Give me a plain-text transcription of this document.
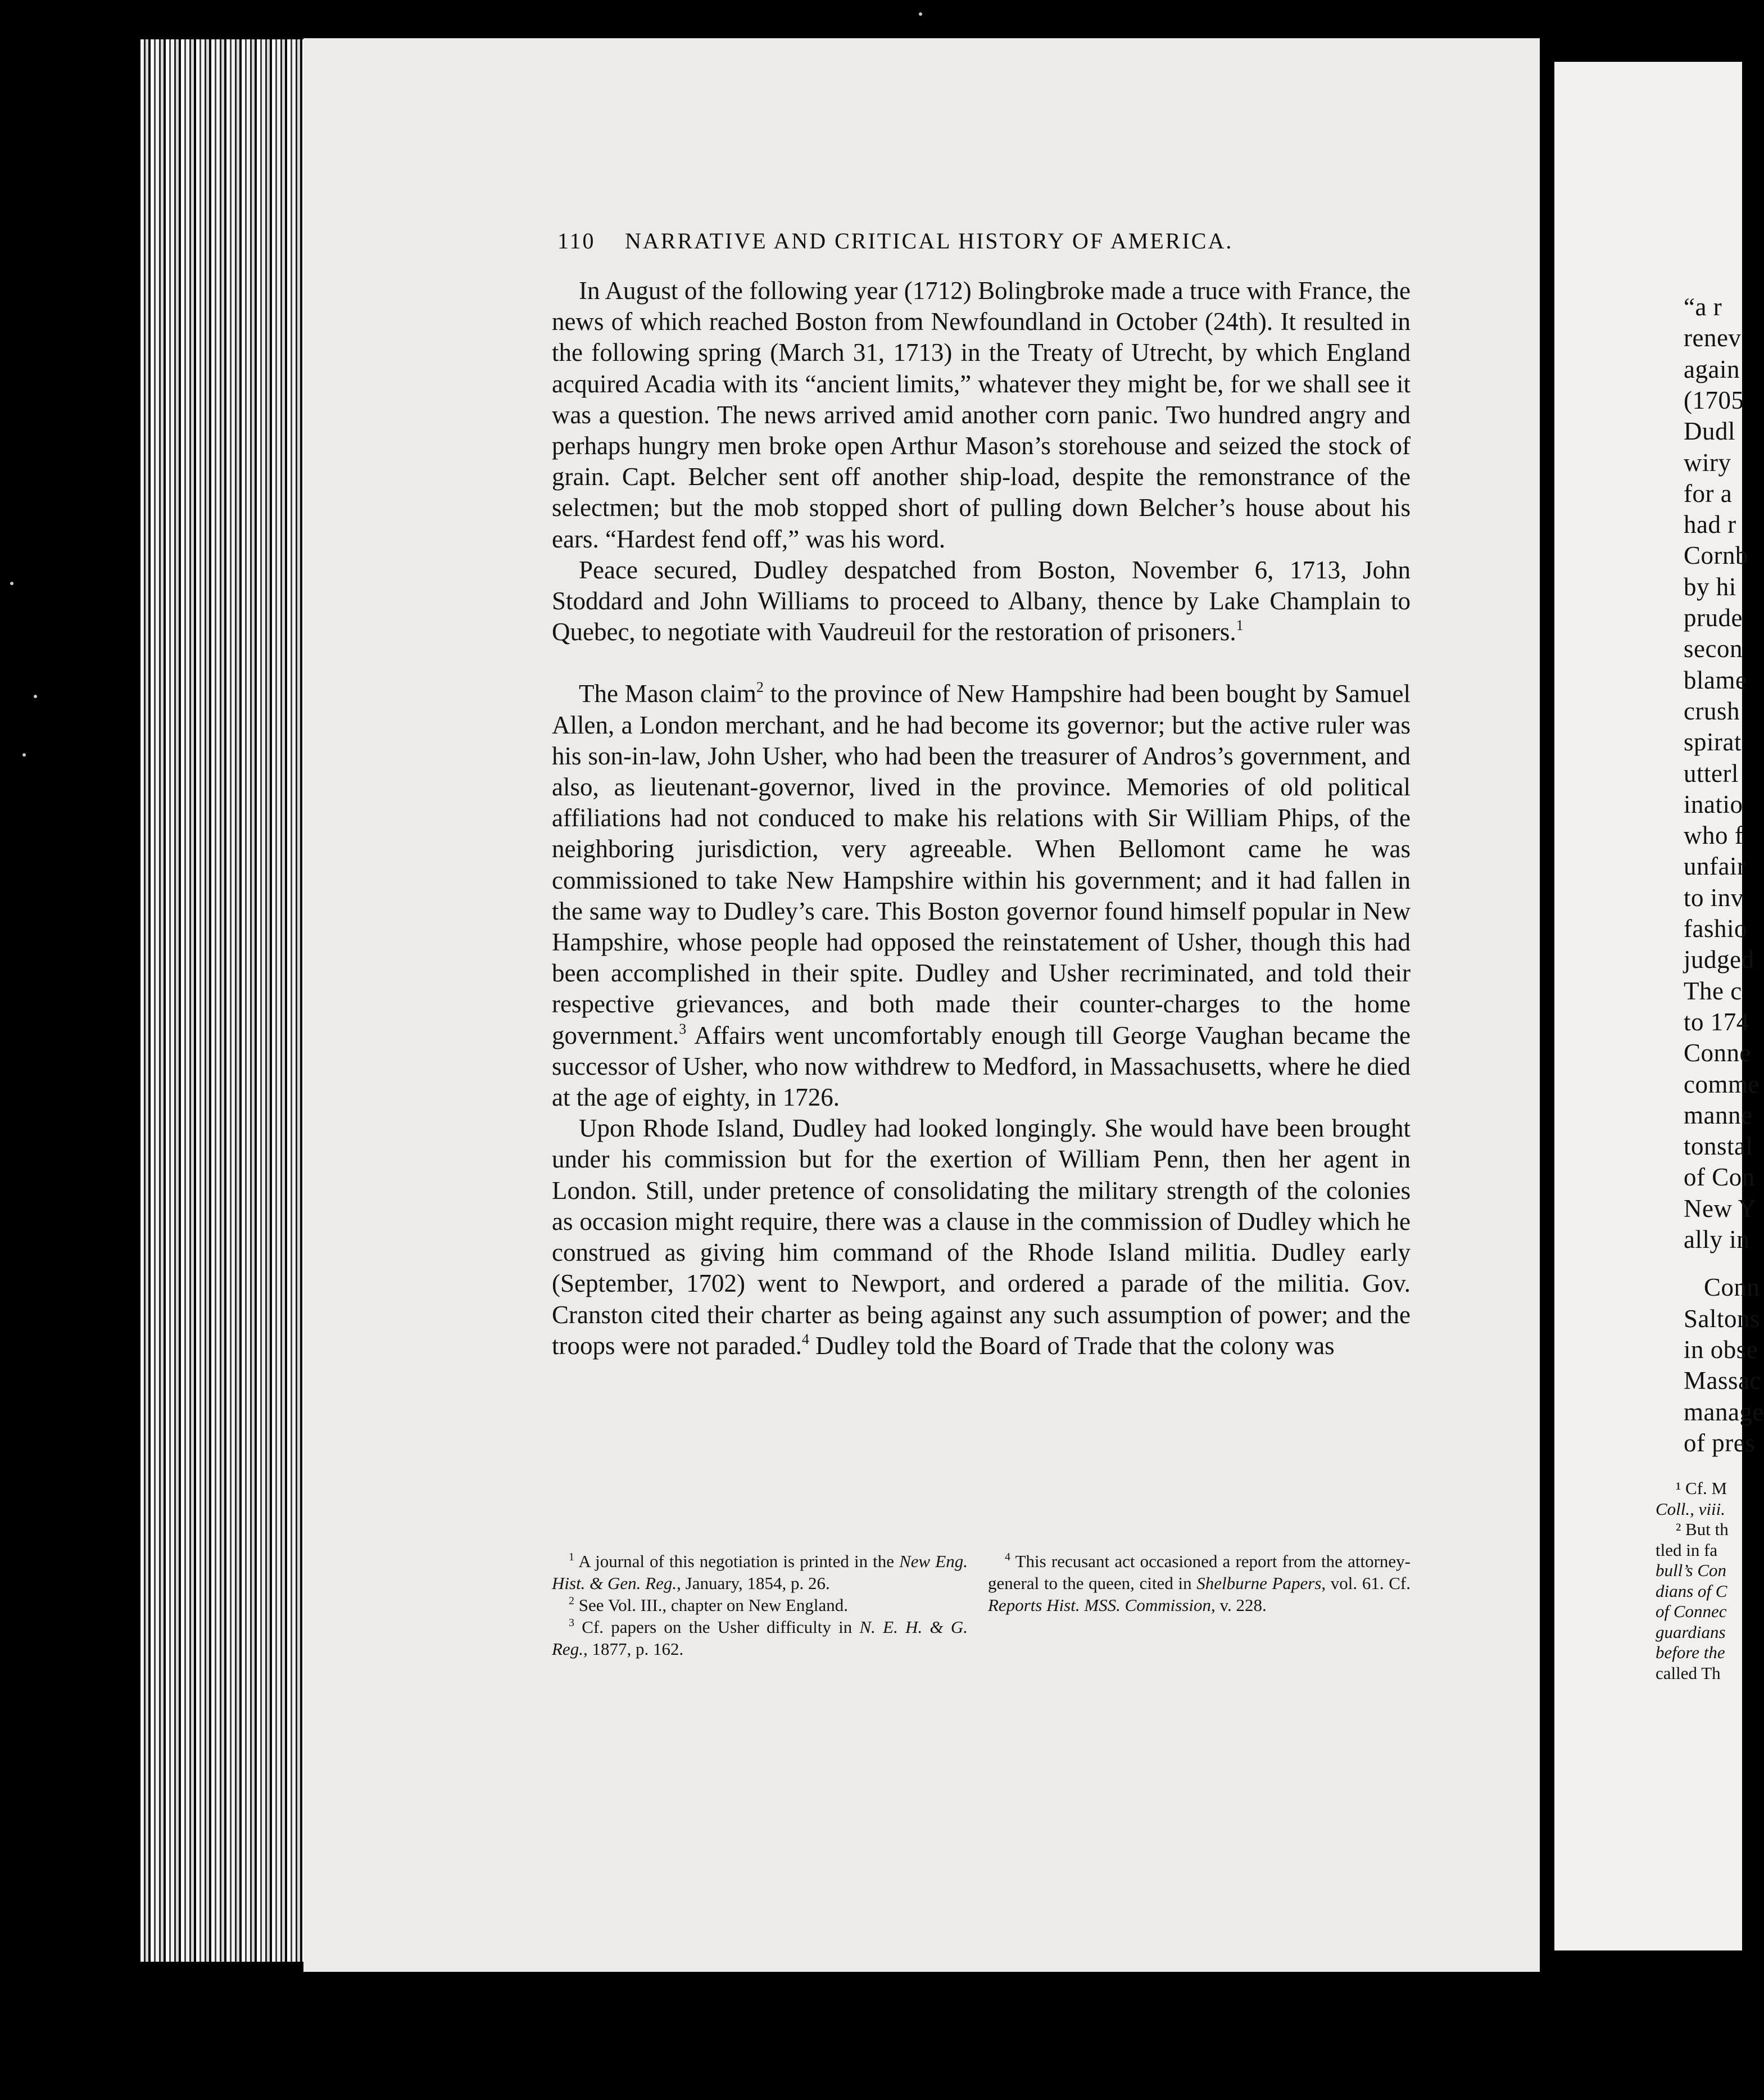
“a r
renev
again
(1705
Dudl
wiry
for a
had r
Cornb
by hi
prude
secon
blame
crush
spirat
utterl
inatio
who f
unfair
to inv
fashio
judged
The c
to 174
Conne
comme
manne
tonstal
of Con
New Y
ally in
Conn
Saltons
in obse
Massac
manage
of pres
¹ Cf. M
Coll., viii.
² But th
tled in fa
bull’s Con
dians of C
of Connec
guardians
before the
called Th
110 NARRATIVE AND CRITICAL HISTORY OF AMERICA.

In August of the following year (1712) Bolingbroke made a truce with France, the news of which reached Boston from Newfoundland in October (24th). It resulted in the following spring (March 31, 1713) in the Treaty of Utrecht, by which England acquired Acadia with its “ancient limits,” whatever they might be, for we shall see it was a question. The news arrived amid another corn panic. Two hundred angry and perhaps hungry men broke open Arthur Mason’s storehouse and seized the stock of grain. Capt. Belcher sent off another ship-load, despite the remonstrance of the selectmen; but the mob stopped short of pulling down Belcher’s house about his ears. “Hardest fend off,” was his word.

Peace secured, Dudley despatched from Boston, November 6, 1713, John Stoddard and John Williams to proceed to Albany, thence by Lake Champlain to Quebec, to negotiate with Vaudreuil for the restoration of prisoners.$^1$

The Mason claim$^2$ to the province of New Hampshire had been bought by Samuel Allen, a London merchant, and he had become its governor; but the active ruler was his son-in-law, John Usher, who had been the treasurer of Andros’s government, and also, as lieutenant-governor, lived in the province. Memories of old political affiliations had not conduced to make his relations with Sir William Phips, of the neighboring jurisdiction, very agreeable. When Bellomont came he was commissioned to take New Hampshire within his government; and it had fallen in the same way to Dudley’s care. This Boston governor found himself popular in New Hampshire, whose people had opposed the reinstatement of Usher, though this had been accomplished in their spite. Dudley and Usher recriminated, and told their respective grievances, and both made their counter-charges to the home government.$^3$ Affairs went uncomfortably enough till George Vaughan became the successor of Usher, who now withdrew to Medford, in Massachusetts, where he died at the age of eighty, in 1726.

Upon Rhode Island, Dudley had looked longingly. She would have been brought under his commission but for the exertion of William Penn, then her agent in London. Still, under pretence of consolidating the military strength of the colonies as occasion might require, there was a clause in the commission of Dudley which he construed as giving him command of the Rhode Island militia. Dudley early (September, 1702) went to Newport, and ordered a parade of the militia. Gov. Cranston cited their charter as being against any such assumption of power; and the troops were not paraded.$^4$ Dudley told the Board of Trade that the colony was

$^1$ A journal of this negotiation is printed in the New Eng. Hist. & Gen. Reg., January, 1854, p. 26.

$^2$ See Vol. III., chapter on New England.

$^3$ Cf. papers on the Usher difficulty in N. E. H. & G. Reg., 1877, p. 162.

$^4$ This recusant act occasioned a report from the attorney-general to the queen, cited in Shelburne Papers, vol. 61. Cf. Reports Hist. MSS. Commission, v. 228.
